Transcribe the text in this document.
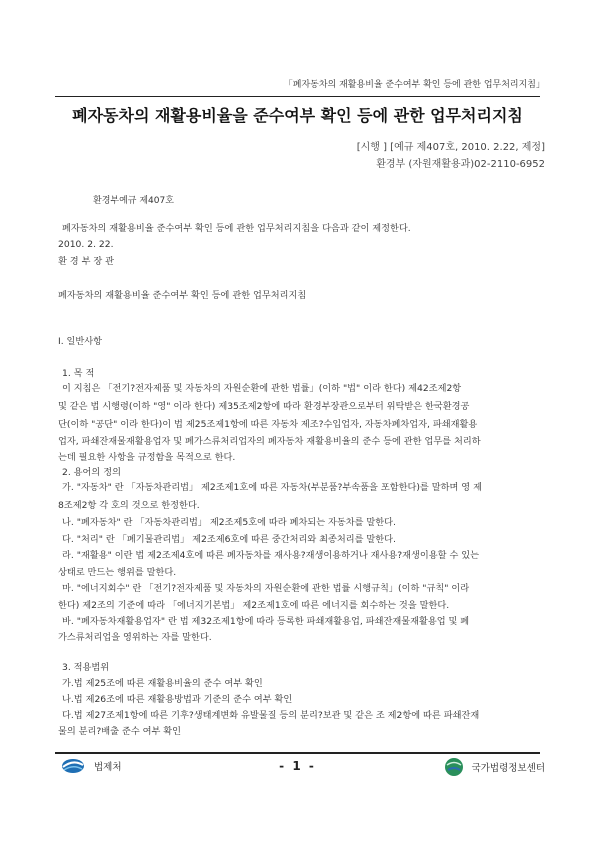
「폐자동차의 재활용비율 준수여부 확인 등에 관한 업무처리지침」
폐자동차의 재활용비율을 준수여부 확인 등에 관한 업무처리지침
[시행 ] [예규 제407호, 2010. 2.22, 제정]
환경부 (자원재활용과)02-2110-6952
환경부예규 제407호
폐자동차의 재활용비율 준수여부 확인 등에 관한 업무처리지침을 다음과 같이 제정한다.
2010. 2. 22.
환 경 부 장 관
폐자동차의 재활용비율 준수여부 확인 등에 관한 업무처리지침
Ⅰ. 일반사항
1. 목 적
이 지침은 「전기?전자제품 및 자동차의 자원순환에 관한 법률」(이하 "법" 이라 한다) 제42조제2항
및 같은 법 시행령(이하 "영" 이라 한다) 제35조제2항에 따라 환경부장관으로부터 위탁받은 한국환경공
단(이하 "공단" 이라 한다)이 법 제25조제1항에 따른 자동차 제조?수입업자, 자동차폐차업자, 파쇄재활용
업자, 파쇄잔재물재활용업자 및 폐가스류처리업자의 폐자동차 재활용비율의 준수 등에 관한 업무를 처리하
는데 필요한 사항을 규정함을 목적으로 한다.
2. 용어의 정의
가. "자동차" 란 「자동차관리법」 제2조제1호에 따른 자동차(부분품?부속품을 포함한다)를 말하며 영 제
8조제2항 각 호의 것으로 한정한다.
나. "폐자동차" 란 「자동차관리법」 제2조제5호에 따라 폐차되는 자동차를 말한다.
다. "처리" 란 「폐기물관리법」 제2조제6호에 따른 중간처리와 최종처리를 말한다.
라. "재활용" 이란 법 제2조제4호에 따른 폐자동차를 재사용?재생이용하거나 재사용?재생이용할 수 있는
상태로 만드는 행위를 말한다.
마. "에너지회수" 란 「전기?전자제품 및 자동차의 자원순환에 관한 법률 시행규칙」(이하 "규칙" 이라
한다) 제2조의 기준에 따라 「에너지기본법」 제2조제1호에 따른 에너지를 회수하는 것을 말한다.
바. "폐자동차재활용업자" 란 법 제32조제1항에 따라 등록한 파쇄재활용업, 파쇄잔재물재활용업 및 폐
가스류처리업을 영위하는 자를 말한다.
3. 적용범위
가.법 제25조에 따른 재활용비율의 준수 여부 확인
나.법 제26조에 따른 재활용방법과 기준의 준수 여부 확인
다.법 제27조제1항에 따른 기후?생태계변화 유발물질 등의 분리?보관 및 같은 조 제2항에 따른 파쇄잔재
물의 분리?배출 준수 여부 확인
법제처	- 1 -	국가법령정보센터
